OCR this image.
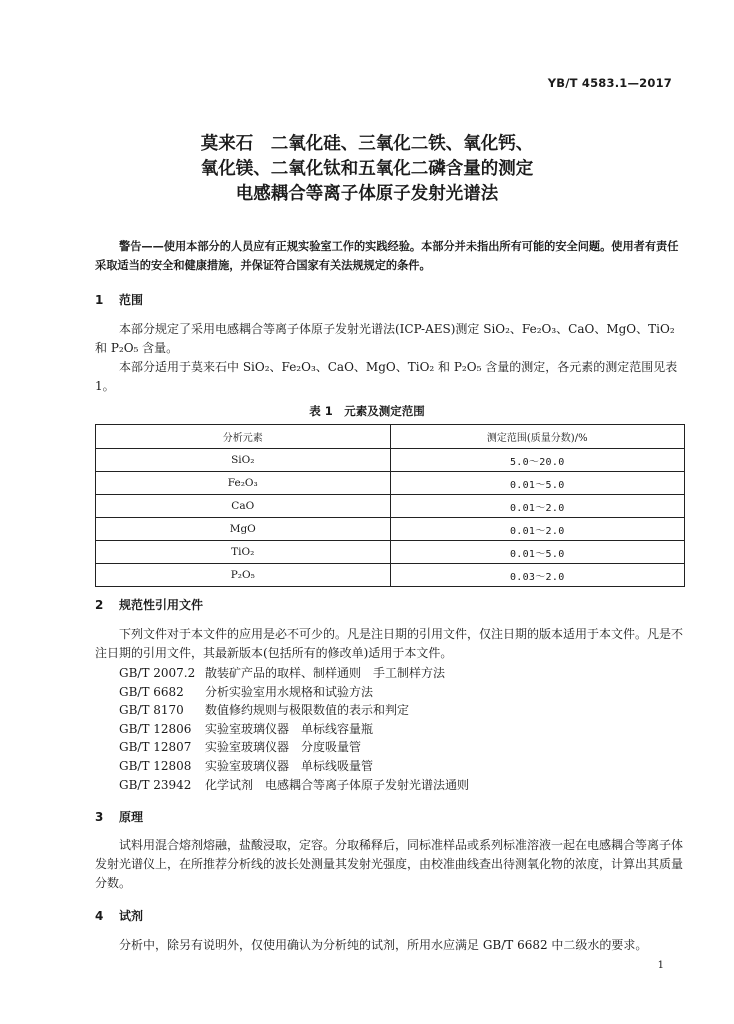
YB/T 4583.1—2017
莫来石　二氧化硅、三氧化二铁、氧化钙、
氧化镁、二氧化钛和五氧化二磷含量的测定
电感耦合等离子体原子发射光谱法
警告——使用本部分的人员应有正规实验室工作的实践经验。本部分并未指出所有可能的安全问题。使用者有责任采取适当的安全和健康措施，并保证符合国家有关法规规定的条件。
1 范围
本部分规定了采用电感耦合等离子体原子发射光谱法(ICP-AES)测定 SiO₂、Fe₂O₃、CaO、MgO、TiO₂ 和 P₂O₅ 含量。
本部分适用于莫来石中 SiO₂、Fe₂O₃、CaO、MgO、TiO₂ 和 P₂O₅ 含量的测定，各元素的测定范围见表 1。
表 1　元素及测定范围
分析元素	测定范围(质量分数)/%
SiO₂	5.0～20.0
Fe₂O₃	0.01～5.0
CaO	0.01～2.0
MgO	0.01～2.0
TiO₂	0.01～5.0
P₂O₅	0.03～2.0
2 规范性引用文件
下列文件对于本文件的应用是必不可少的。凡是注日期的引用文件，仅注日期的版本适用于本文件。凡是不注日期的引用文件，其最新版本(包括所有的修改单)适用于本文件。
GB/T 2007.2 散装矿产品的取样、制样通则 手工制样方法
GB/T 6682 分析实验室用水规格和试验方法
GB/T 8170 数值修约规则与极限数值的表示和判定
GB/T 12806 实验室玻璃仪器 单标线容量瓶
GB/T 12807 实验室玻璃仪器 分度吸量管
GB/T 12808 实验室玻璃仪器 单标线吸量管
GB/T 23942 化学试剂 电感耦合等离子体原子发射光谱法通则
3 原理
试料用混合熔剂熔融，盐酸浸取，定容。分取稀释后，同标准样品或系列标准溶液一起在电感耦合等离子体发射光谱仪上，在所推荐分析线的波长处测量其发射光强度，由校准曲线查出待测氧化物的浓度，计算出其质量分数。
4 试剂
分析中，除另有说明外，仅使用确认为分析纯的试剂，所用水应满足 GB/T 6682 中二级水的要求。
1
